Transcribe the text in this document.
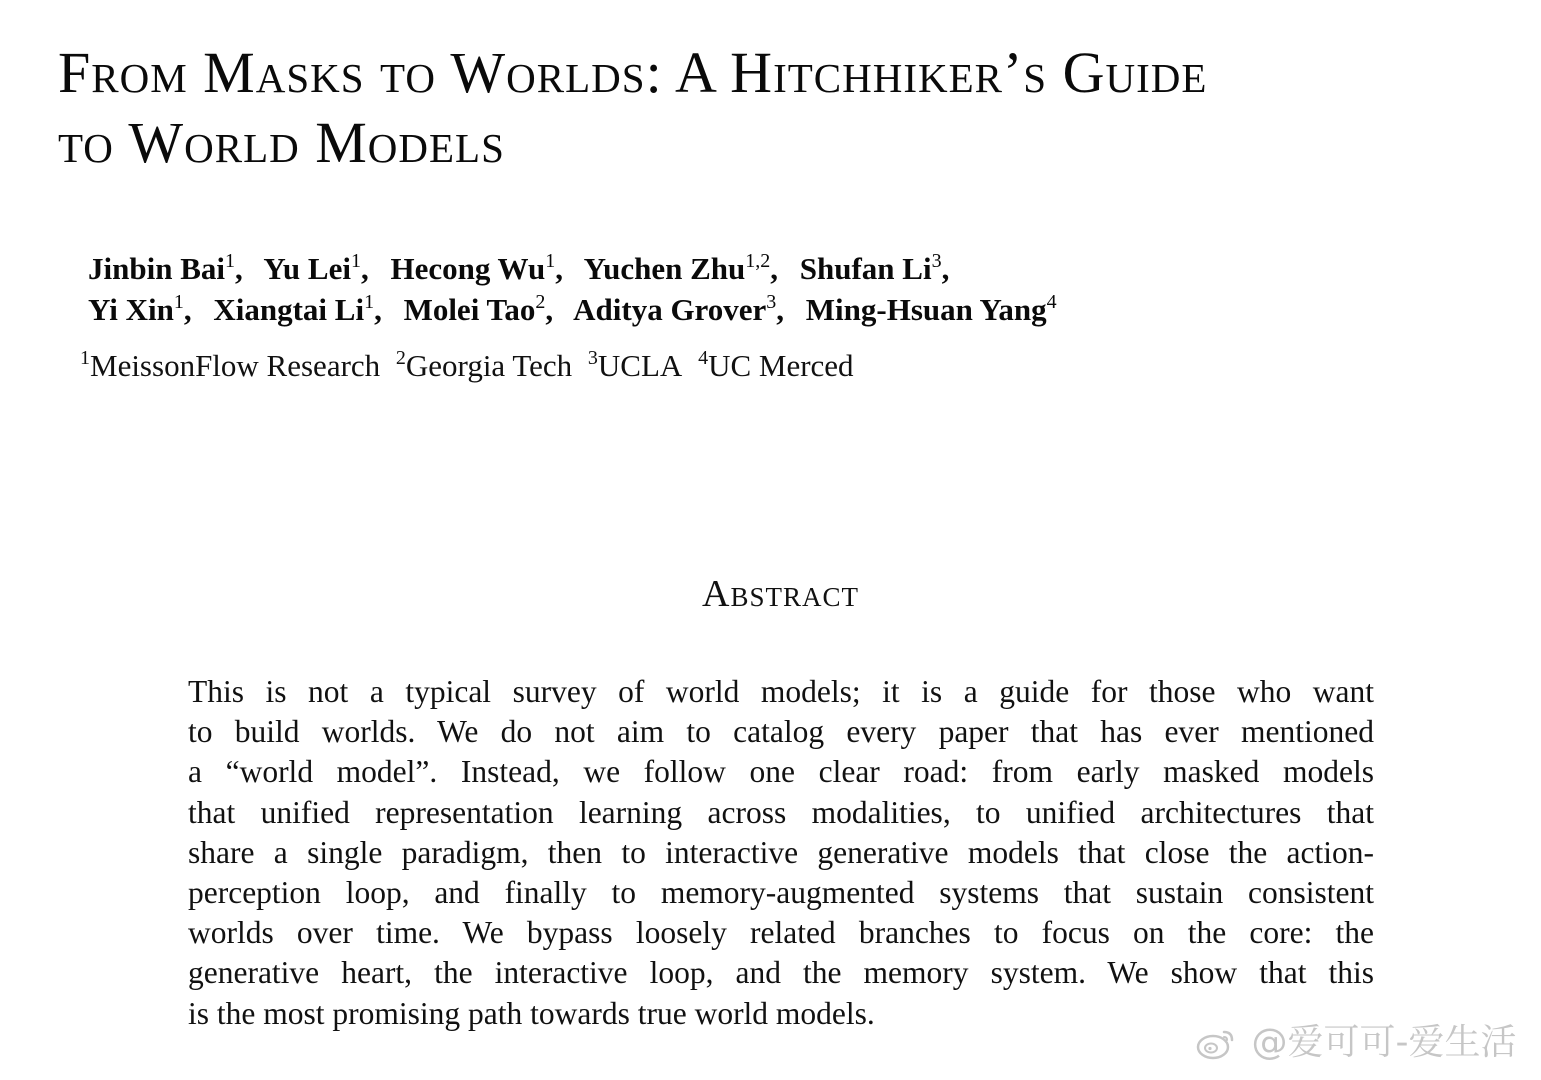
From Masks to Worlds: A Hitchhiker’s Guide
to World Models
Jinbin Bai$^1$, Yu Lei$^1$, Hecong Wu$^1$, Yuchen Zhu$^{1,2}$, Shufan Li$^3$,
Yi Xin$^1$, Xiangtai Li$^1$, Molei Tao$^2$, Aditya Grover$^3$, Ming-Hsuan Yang$^4$
$^1$MeissonFlow Research $^2$Georgia Tech $^3$UCLA $^4$UC Merced
Abstract
This is not a typical survey of world models; it is a guide for those who want
to build worlds. We do not aim to catalog every paper that has ever mentioned
a “world model”. Instead, we follow one clear road: from early masked models
that unified representation learning across modalities, to unified architectures that
share a single paradigm, then to interactive generative models that close the action-
perception loop, and finally to memory-augmented systems that sustain consistent
worlds over time. We bypass loosely related branches to focus on the core: the
generative heart, the interactive loop, and the memory system. We show that this
is the most promising path towards true world models.
@爱可可-爱生活
